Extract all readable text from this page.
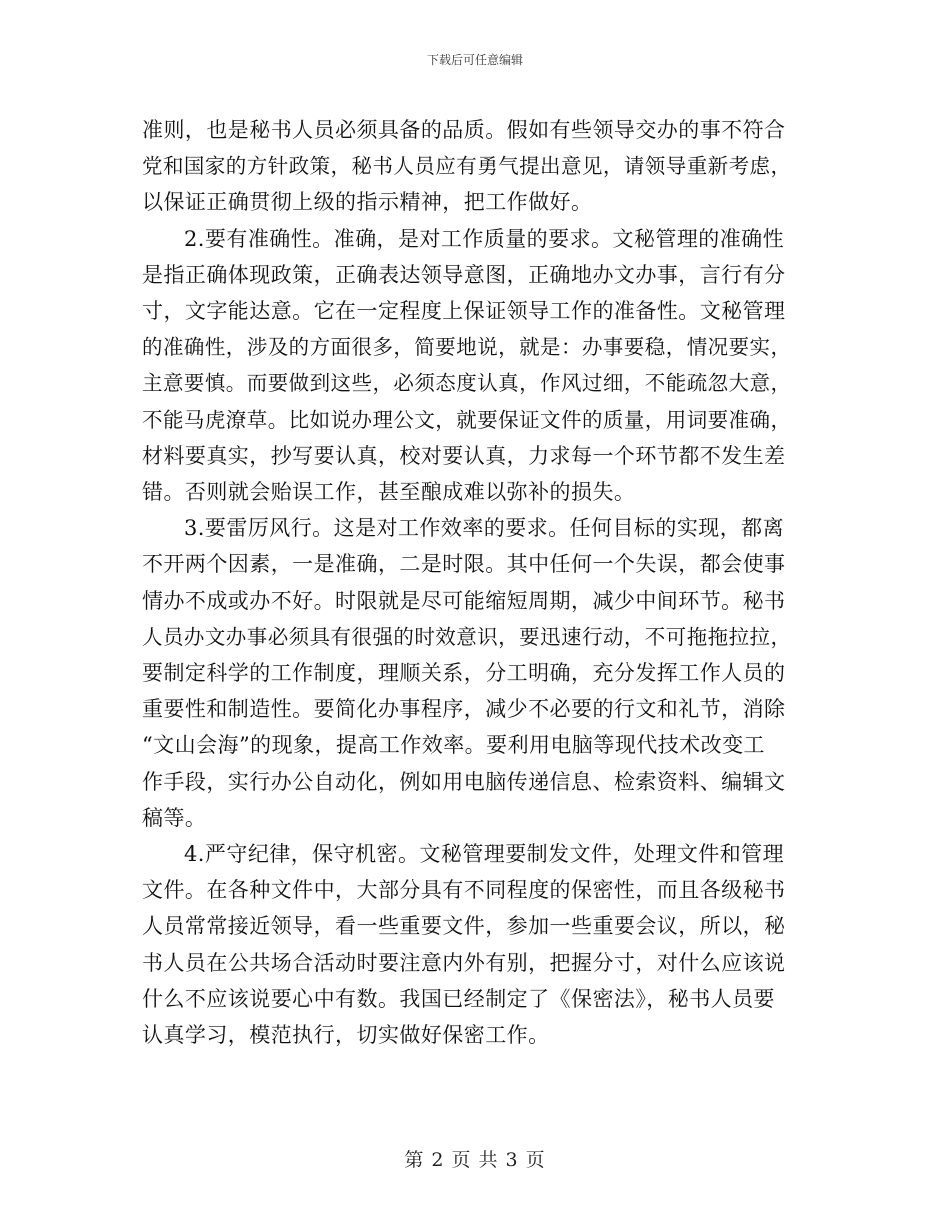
下载后可任意编辑

准则，也是秘书人员必须具备的品质。假如有些领导交办的事不符合
党和国家的方针政策，秘书人员应有勇气提出意见，请领导重新考虑，
以保证正确贯彻上级的指示精神，把工作做好。

2.要有准确性。准确，是对工作质量的要求。文秘管理的准确性
是指正确体现政策，正确表达领导意图，正确地办文办事，言行有分
寸，文字能达意。它在一定程度上保证领导工作的准备性。文秘管理
的准确性，涉及的方面很多，简要地说，就是：办事要稳，情况要实，
主意要慎。而要做到这些，必须态度认真，作风过细，不能疏忽大意，
不能马虎潦草。比如说办理公文，就要保证文件的质量，用词要准确，
材料要真实，抄写要认真，校对要认真，力求每一个环节都不发生差
错。否则就会贻误工作，甚至酿成难以弥补的损失。

3.要雷厉风行。这是对工作效率的要求。任何目标的实现，都离
不开两个因素，一是准确，二是时限。其中任何一个失误，都会使事
情办不成或办不好。时限就是尽可能缩短周期，减少中间环节。秘书
人员办文办事必须具有很强的时效意识，要迅速行动，不可拖拖拉拉，
要制定科学的工作制度，理顺关系，分工明确，充分发挥工作人员的
重要性和制造性。要简化办事程序，减少不必要的行文和礼节，消除
“文山会海”的现象，提高工作效率。要利用电脑等现代技术改变工
作手段，实行办公自动化，例如用电脑传递信息、检索资料、编辑文
稿等。

4.严守纪律，保守机密。文秘管理要制发文件，处理文件和管理
文件。在各种文件中，大部分具有不同程度的保密性，而且各级秘书
人员常常接近领导，看一些重要文件，参加一些重要会议，所以，秘
书人员在公共场合活动时要注意内外有别，把握分寸，对什么应该说
什么不应该说要心中有数。我国已经制定了《保密法》，秘书人员要
认真学习，模范执行，切实做好保密工作。

第 2 页 共 3 页
